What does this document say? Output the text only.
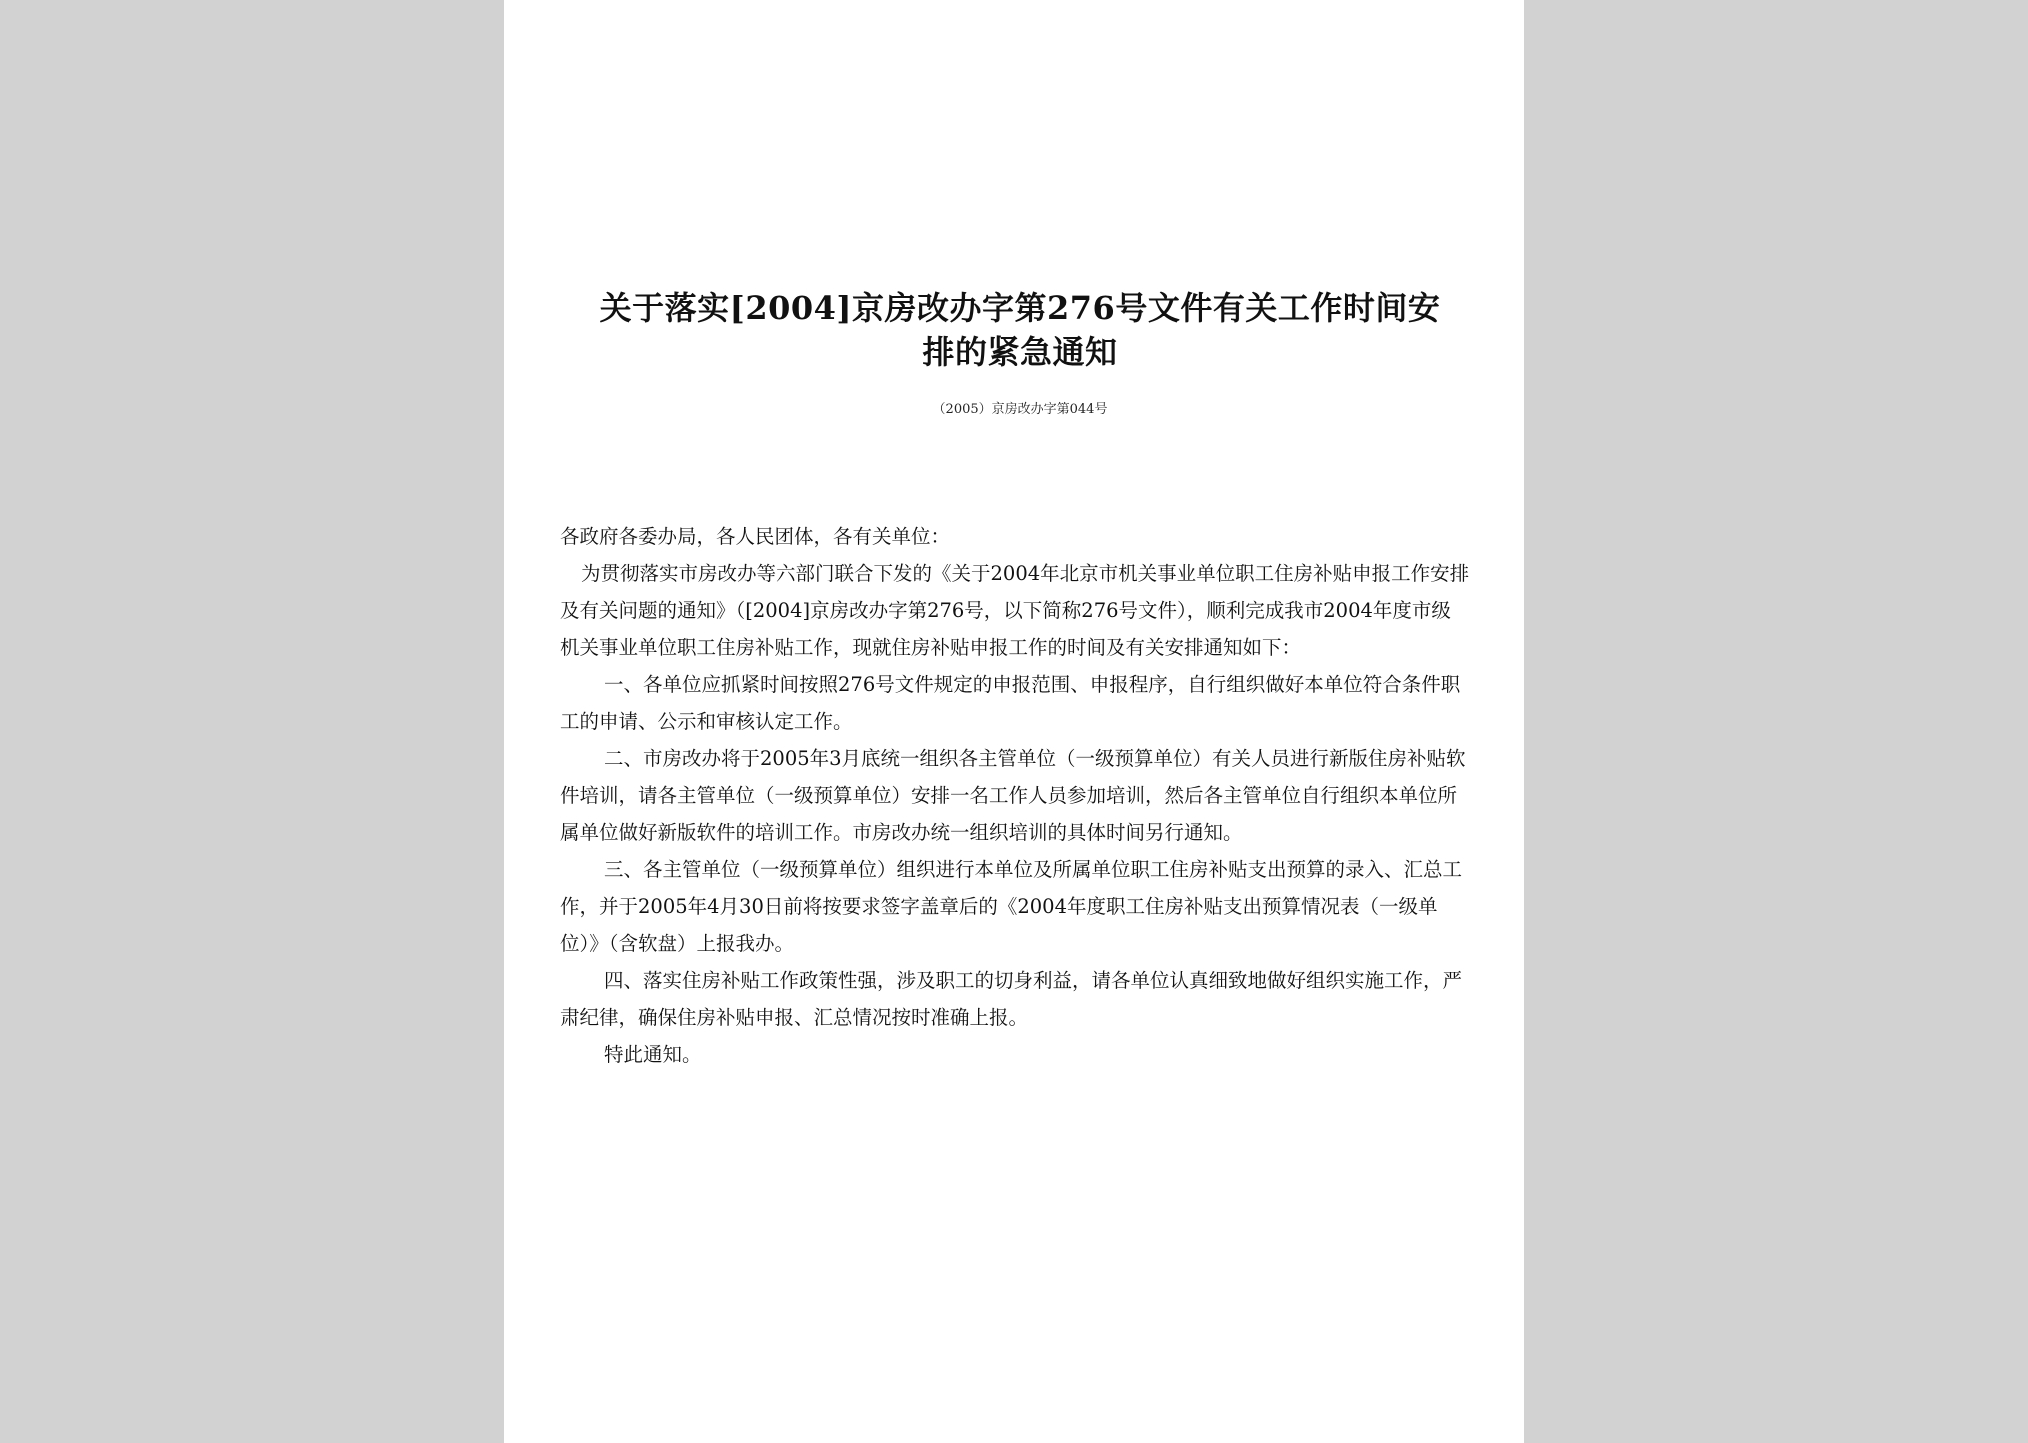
关于落实[2004]京房改办字第276号文件有关工作时间安
排的紧急通知
（2005）京房改办字第044号

各政府各委办局，各人民团体，各有关单位：

为贯彻落实市房改办等六部门联合下发的《关于2004年北京市机关事业单位职工住房补贴申报工作安排及有关问题的通知》（[2004]京房改办字第276号，以下简称276号文件），顺利完成我市2004年度市级机关事业单位职工住房补贴工作，现就住房补贴申报工作的时间及有关安排通知如下：

一、各单位应抓紧时间按照276号文件规定的申报范围、申报程序，自行组织做好本单位符合条件职工的申请、公示和审核认定工作。

二、市房改办将于2005年3月底统一组织各主管单位（一级预算单位）有关人员进行新版住房补贴软件培训，请各主管单位（一级预算单位）安排一名工作人员参加培训，然后各主管单位自行组织本单位所属单位做好新版软件的培训工作。市房改办统一组织培训的具体时间另行通知。

三、各主管单位（一级预算单位）组织进行本单位及所属单位职工住房补贴支出预算的录入、汇总工作，并于2005年4月30日前将按要求签字盖章后的《2004年度职工住房补贴支出预算情况表（一级单位）》（含软盘）上报我办。

四、落实住房补贴工作政策性强，涉及职工的切身利益，请各单位认真细致地做好组织实施工作，严肃纪律，确保住房补贴申报、汇总情况按时准确上报。

特此通知。
